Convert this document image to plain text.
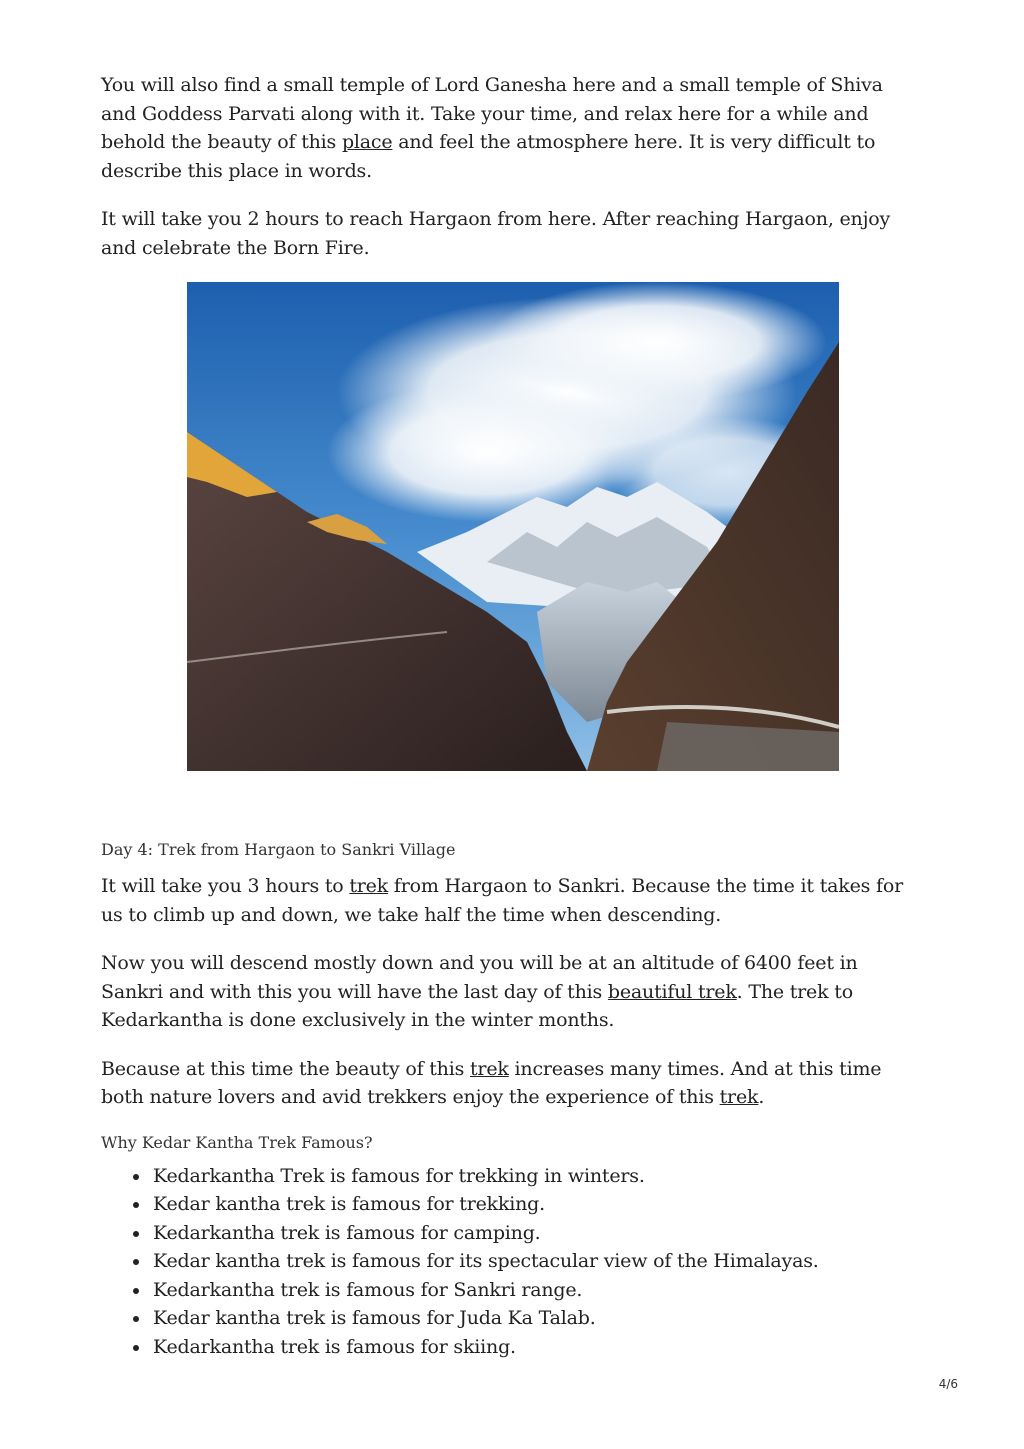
You will also find a small temple of Lord Ganesha here and a small temple of Shiva and Goddess Parvati along with it. Take your time, and relax here for a while and behold the beauty of this place and feel the atmosphere here. It is very difficult to describe this place in words.

It will take you 2 hours to reach Hargaon from here. After reaching Hargaon, enjoy and celebrate the Born Fire.

Day 4: Trek from Hargaon to Sankri Village

It will take you 3 hours to trek from Hargaon to Sankri. Because the time it takes for us to climb up and down, we take half the time when descending.

Now you will descend mostly down and you will be at an altitude of 6400 feet in Sankri and with this you will have the last day of this beautiful trek. The trek to Kedarkantha is done exclusively in the winter months.

Because at this time the beauty of this trek increases many times. And at this time both nature lovers and avid trekkers enjoy the experience of this trek.

Why Kedar Kantha Trek Famous?

Kedarkantha Trek is famous for trekking in winters.
Kedar kantha trek is famous for trekking.
Kedarkantha trek is famous for camping.
Kedar kantha trek is famous for its spectacular view of the Himalayas.
Kedarkantha trek is famous for Sankri range.
Kedar kantha trek is famous for Juda Ka Talab.
Kedarkantha trek is famous for skiing.
4/6
